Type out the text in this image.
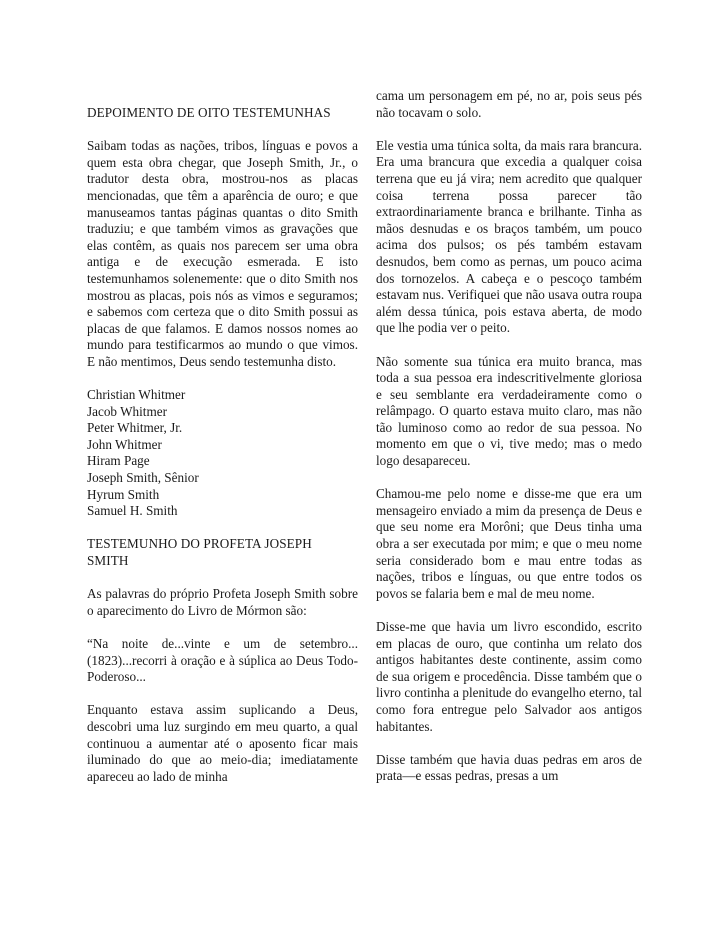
DEPOIMENTO DE OITO TESTEMUNHAS

Saibam todas as nações, tribos, línguas e povos a quem esta obra chegar, que Joseph Smith, Jr., o tradutor desta obra, mostrou-nos as placas mencionadas, que têm a aparência de ouro; e que manuseamos tantas páginas quantas o dito Smith traduziu; e que também vimos as gravações que elas contêm, as quais nos parecem ser uma obra antiga e de execução esmerada. E isto testemunhamos solenemente: que o dito Smith nos mostrou as placas, pois nós as vimos e seguramos; e sabemos com certeza que o dito Smith possui as placas de que falamos. E damos nossos nomes ao mundo para testificarmos ao mundo o que vimos. E não mentimos, Deus sendo testemunha disto.

Christian Whitmer
Jacob Whitmer
Peter Whitmer, Jr.
John Whitmer
Hiram Page
Joseph Smith, Sênior
Hyrum Smith
Samuel H. Smith

TESTEMUNHO DO PROFETA JOSEPH
SMITH

As palavras do próprio Profeta Joseph Smith sobre o aparecimento do Livro de Mórmon são:

“Na noite de...vinte e um de setembro...(1823)...recorri à oração e à súplica ao Deus Todo-Poderoso...

Enquanto estava assim suplicando a Deus, descobri uma luz surgindo em meu quarto, a qual continuou a aumentar até o aposento ficar mais iluminado do que ao meio-dia; imediatamente apareceu ao lado de minha

cama um personagem em pé, no ar, pois seus pés não tocavam o solo.

Ele vestia uma túnica solta, da mais rara brancura. Era uma brancura que excedia a qualquer coisa terrena que eu já vira; nem acredito que qualquer coisa terrena possa parecer tão extraordinariamente branca e brilhante. Tinha as mãos desnudas e os braços também, um pouco acima dos pulsos; os pés também estavam desnudos, bem como as pernas, um pouco acima dos tornozelos. A cabeça e o pescoço também estavam nus. Verifiquei que não usava outra roupa além dessa túnica, pois estava aberta, de modo que lhe podia ver o peito.

Não somente sua túnica era muito branca, mas toda a sua pessoa era indescritivelmente gloriosa e seu semblante era verdadeiramente como o relâmpago. O quarto estava muito claro, mas não tão luminoso como ao redor de sua pessoa. No momento em que o vi, tive medo; mas o medo logo desapareceu.

Chamou-me pelo nome e disse-me que era um mensageiro enviado a mim da presença de Deus e que seu nome era Morôni; que Deus tinha uma obra a ser executada por mim; e que o meu nome seria considerado bom e mau entre todas as nações, tribos e línguas, ou que entre todos os povos se falaria bem e mal de meu nome.

Disse-me que havia um livro escondido, escrito em placas de ouro, que continha um relato dos antigos habitantes deste continente, assim como de sua origem e procedência. Disse também que o livro continha a plenitude do evangelho eterno, tal como fora entregue pelo Salvador aos antigos habitantes.

Disse também que havia duas pedras em aros de prata—e essas pedras, presas a um
